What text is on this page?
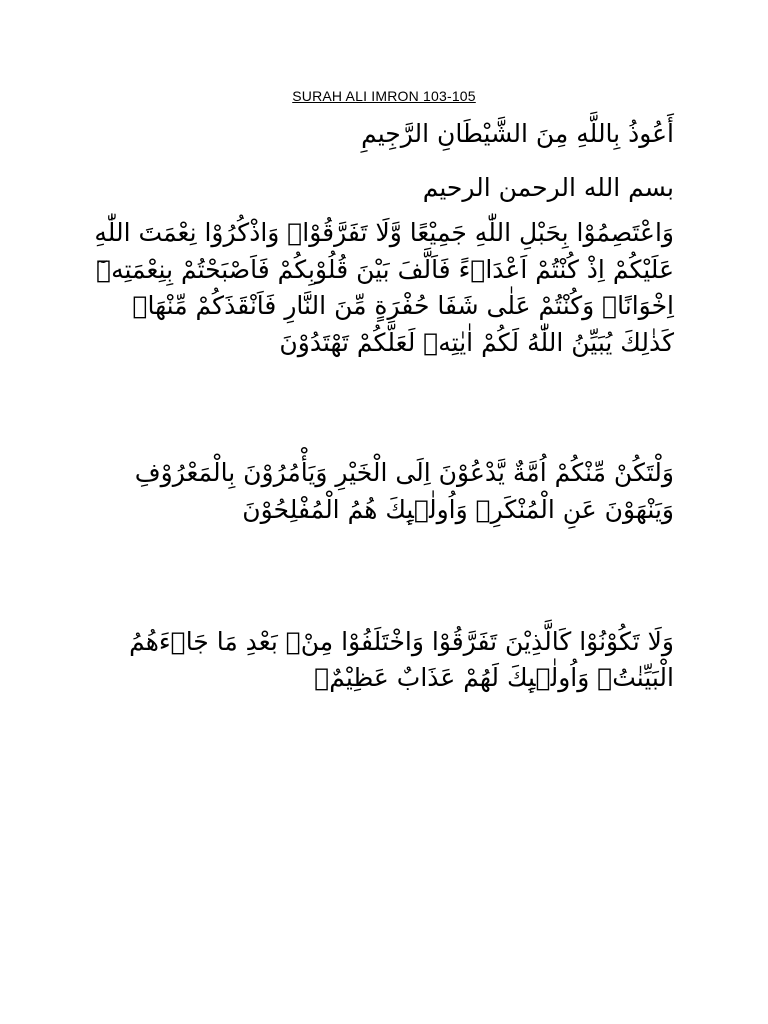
SURAH ALI IMRON 103-105
أَعُوذُ بِاللَّهِ مِنَ الشَّيْطَانِ الرَّجِيمِ
بسم الله الرحمن الرحيم
وَاعْتَصِمُوْا بِحَبْلِ اللّٰهِ جَمِيْعًا وَّلَا تَفَرَّقُوْاۖ وَاذْكُرُوْا نِعْمَتَ اللّٰهِ عَلَيْكُمْ اِذْ كُنْتُمْ اَعْدَاۤءً فَاَلَّفَ بَيْنَ قُلُوْبِكُمْ فَاَصْبَحْتُمْ بِنِعْمَتِهٖٓ اِخْوَانًاۚ وَكُنْتُمْ عَلٰى شَفَا حُفْرَةٍ مِّنَ النَّارِ فَاَنْقَذَكُمْ مِّنْهَاۗ كَذٰلِكَ يُبَيِّنُ اللّٰهُ لَكُمْ اٰيٰتِهٖ لَعَلَّكُمْ تَهْتَدُوْنَ
وَلْتَكُنْ مِّنْكُمْ اُمَّةٌ يَّدْعُوْنَ اِلَى الْخَيْرِ وَيَأْمُرُوْنَ بِالْمَعْرُوْفِ وَيَنْهَوْنَ عَنِ الْمُنْكَرِۗ وَاُولٰۤىِٕكَ هُمُ الْمُفْلِحُوْنَ
وَلَا تَكُوْنُوْا كَالَّذِيْنَ تَفَرَّقُوْا وَاخْتَلَفُوْا مِنْۢ بَعْدِ مَا جَاۤءَهُمُ الْبَيِّنٰتُۗ وَاُولٰۤىِٕكَ لَهُمْ عَذَابٌ عَظِيْمٌۙ
